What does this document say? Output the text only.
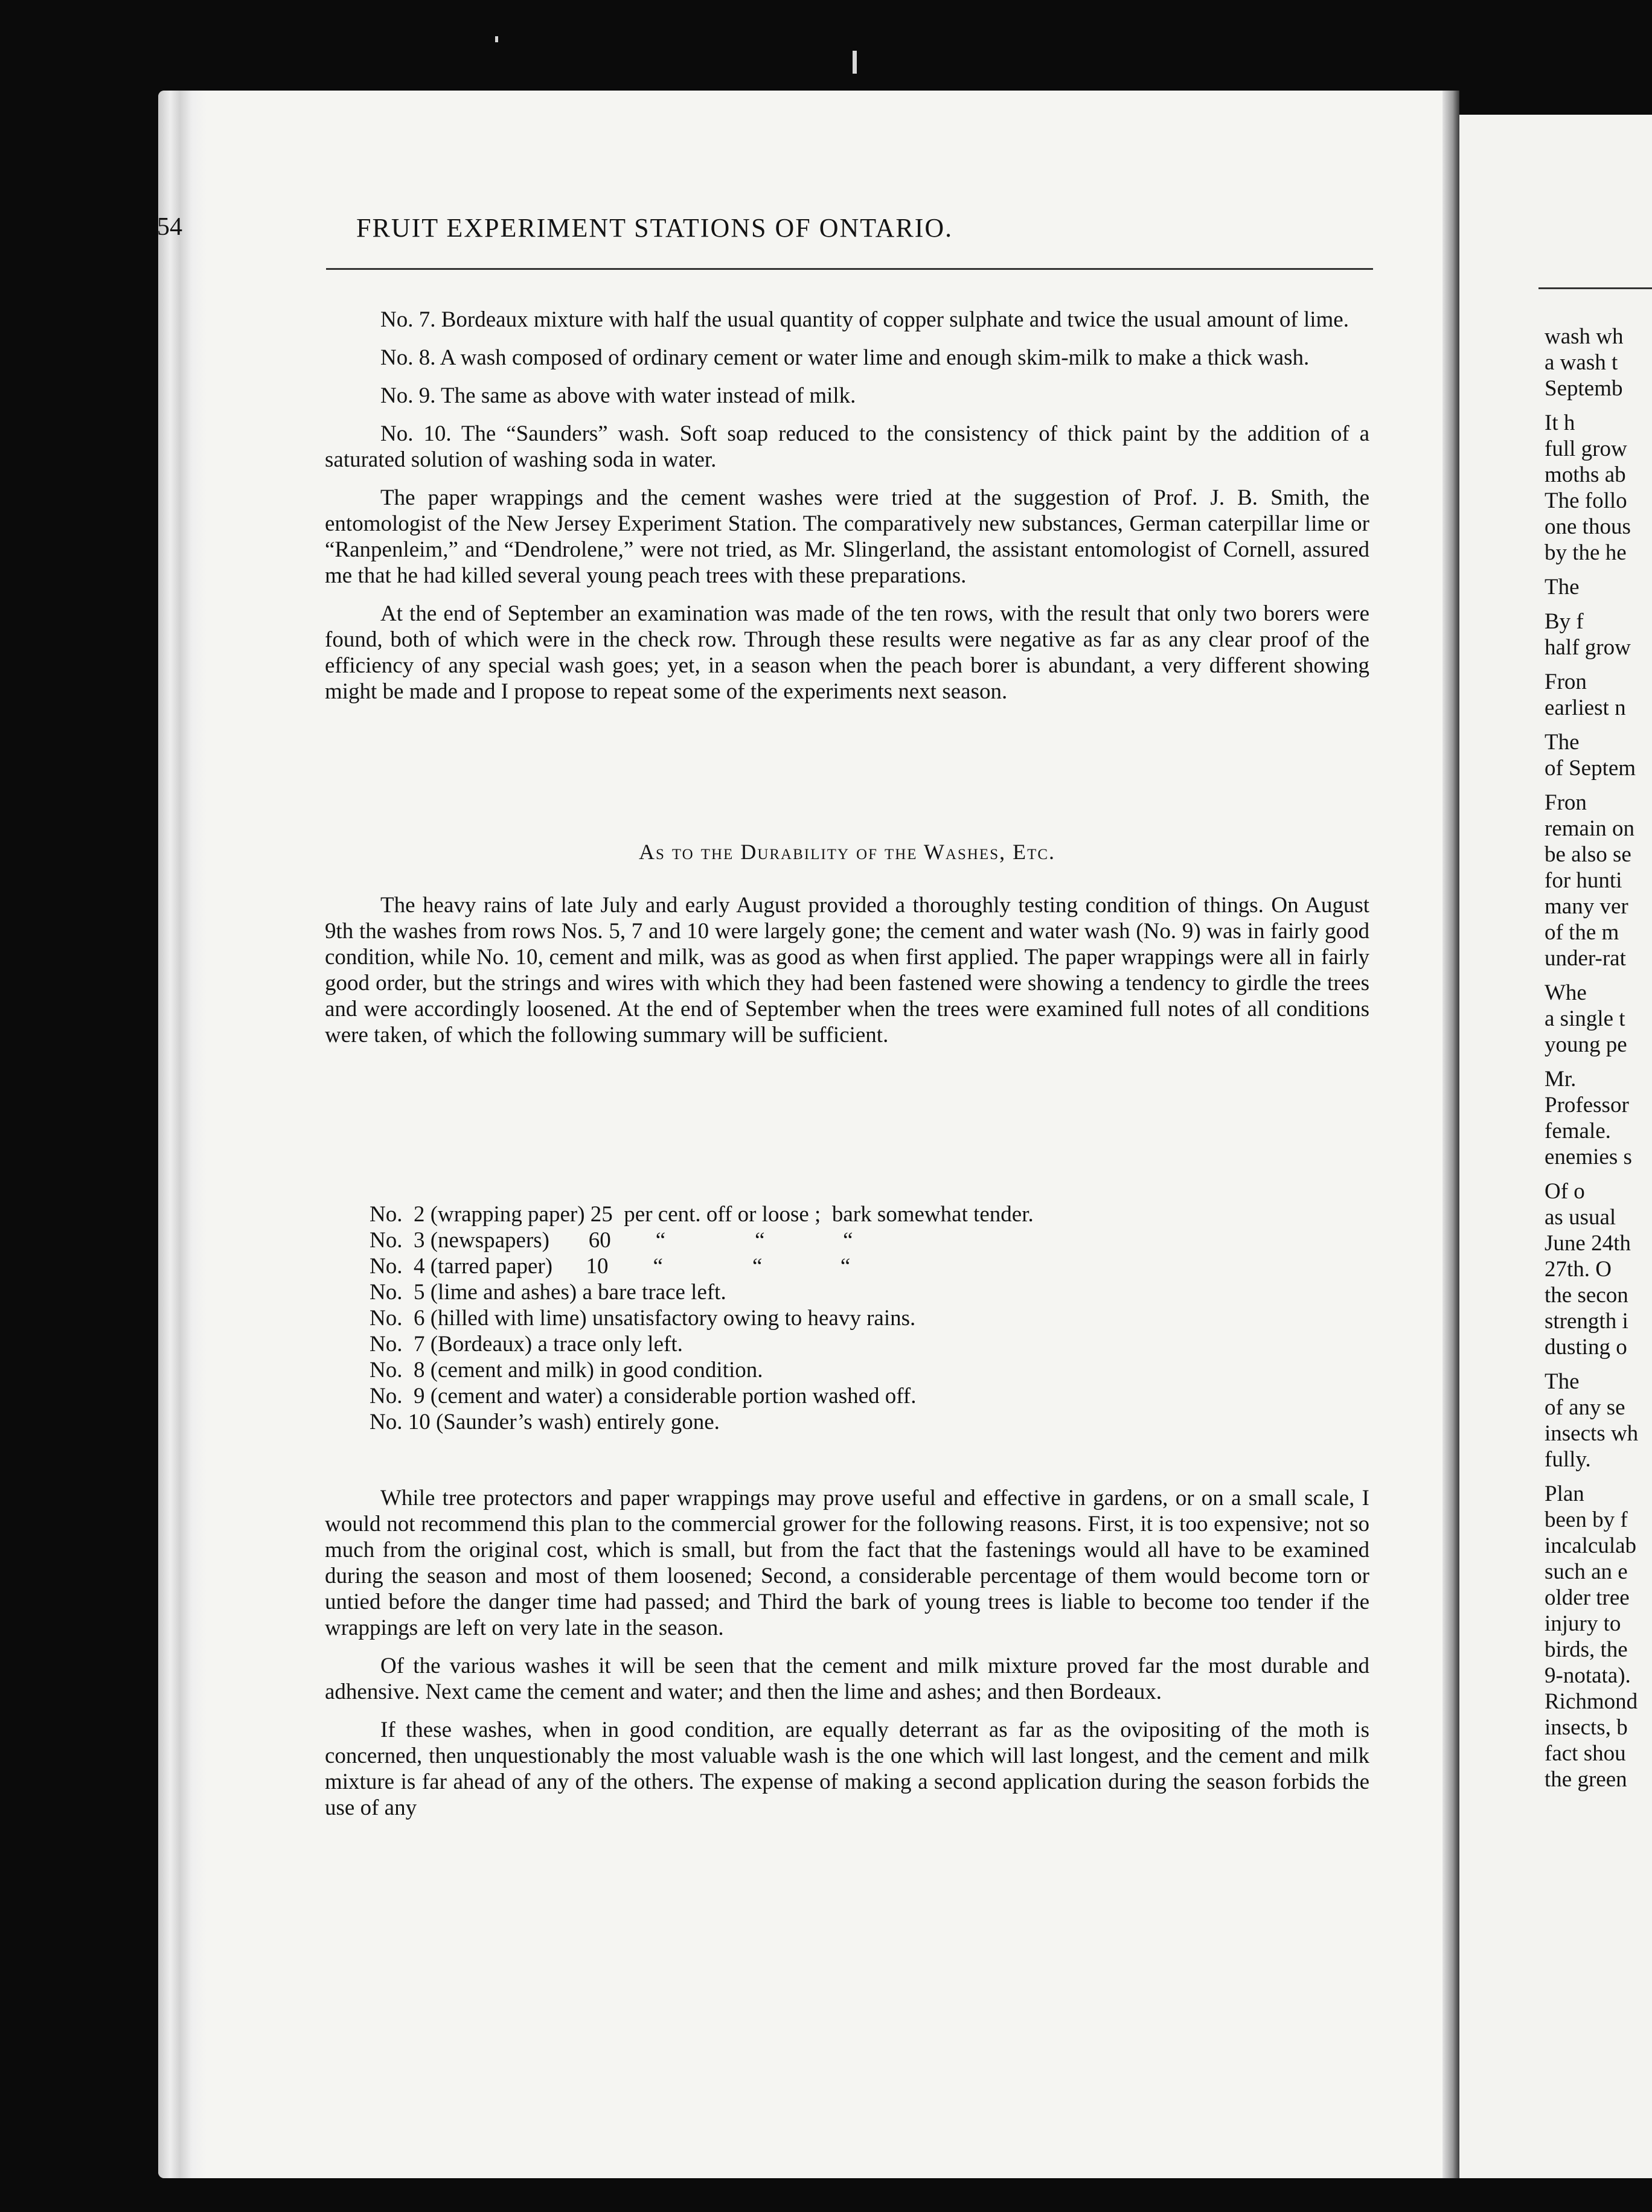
54	FRUIT EXPERIMENT STATIONS OF ONTARIO.

No. 7. Bordeaux mixture with half the usual quantity of copper sulphate and twice the usual amount of lime.

No. 8. A wash composed of ordinary cement or water lime and enough skim-milk to make a thick wash.

No. 9. The same as above with water instead of milk.

No. 10. The “Saunders” wash. Soft soap reduced to the consistency of thick paint by the addition of a saturated solution of washing soda in water.

The paper wrappings and the cement washes were tried at the suggestion of Prof. J. B. Smith, the entomologist of the New Jersey Experiment Station. The comparatively new substances, German caterpillar lime or “Ranpenleim,” and “Dendrolene,” were not tried, as Mr. Slingerland, the assistant entomologist of Cornell, assured me that he had killed several young peach trees with these preparations.

At the end of September an examination was made of the ten rows, with the result that only two borers were found, both of which were in the check row. Through these results were negative as far as any clear proof of the efficiency of any special wash goes; yet, in a season when the peach borer is abundant, a very different showing might be made and I propose to repeat some of the experiments next season.

As to the Durability of the Washes, Etc.

The heavy rains of late July and early August provided a thoroughly testing condition of things. On August 9th the washes from rows Nos. 5, 7 and 10 were largely gone; the cement and water wash (No. 9) was in fairly good condition, while No. 10, cement and milk, was as good as when first applied. The paper wrappings were all in fairly good order, but the strings and wires with which they had been fastened were showing a tendency to girdle the trees and were accordingly loosened. At the end of September when the trees were examined full notes of all conditions were taken, of which the following summary will be sufficient.

No.  2 (wrapping paper) 25  per cent. off or loose ;  bark somewhat tender.
No.  3 (newspapers)       60        “                “              “
No.  4 (tarred paper)      10        “                “              “
No.  5 (lime and ashes) a bare trace left.
No.  6 (hilled with lime) unsatisfactory owing to heavy rains.
No.  7 (Bordeaux) a trace only left.
No.  8 (cement and milk) in good condition.
No.  9 (cement and water) a considerable portion washed off.
No. 10 (Saunder’s wash) entirely gone.

While tree protectors and paper wrappings may prove useful and effective in gardens, or on a small scale, I would not recommend this plan to the commercial grower for the following reasons. First, it is too expensive; not so much from the original cost, which is small, but from the fact that the fastenings would all have to be examined during the season and most of them loosened; Second, a considerable percentage of them would become torn or untied before the danger time had passed; and Third the bark of young trees is liable to become too tender if the wrappings are left on very late in the season.

Of the various washes it will be seen that the cement and milk mixture proved far the most durable and adhensive. Next came the cement and water; and then the lime and ashes; and then Bordeaux.

If these washes, when in good condition, are equally deterrant as far as the ovipositing of the moth is concerned, then unquestionably the most valuable wash is the one which will last longest, and the cement and milk mixture is far ahead of any of the others. The expense of making a second application during the season forbids the use of any

wash wh
a wash t
Septemb
It h
full grow
moths ab
The follo
one thous
by the he
The
By f
half grow
Fron
earliest n
The
of Septem
Fron
remain on
be also se
for hunti
many ver
of the m
under-rat
Whe
a single t
young pe
Mr.
Professor
female.
enemies s
Of o
as usual
June 24th
27th. O
the secon
strength i
dusting o
The
of any se
insects wh
fully.
Plan
been by f
incalculab
such an e
older tree
injury to
birds, the
9-notata).
Richmond
insects, b
fact shou
the green
